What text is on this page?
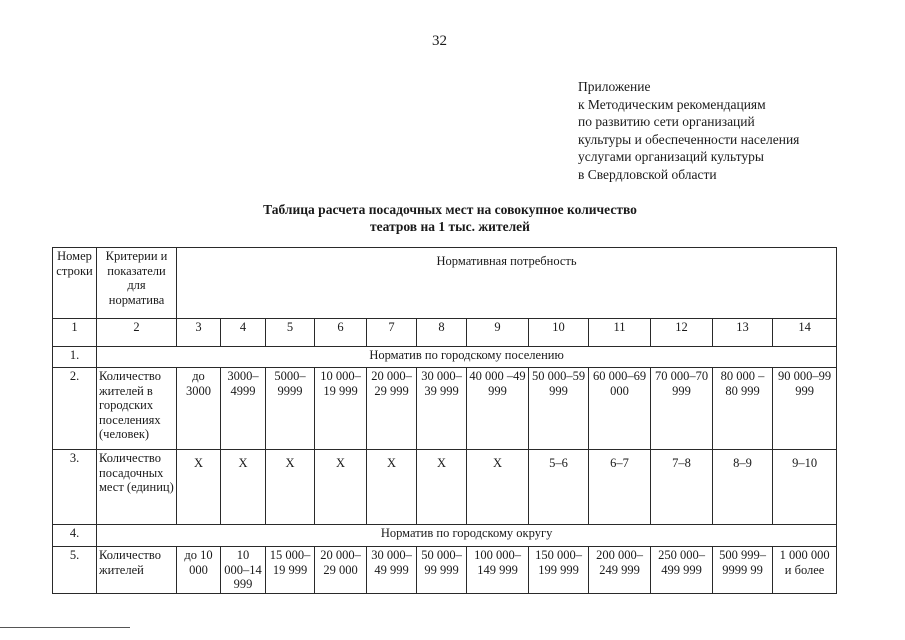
32
Приложение
к Методическим рекомендациям
по развитию сети организаций
культуры и обеспеченности населения
услугами организаций культуры
в Свердловской области
Таблица расчета посадочных мест на совокупное количество
театров на 1 тыс. жителей
Номер строки	Критерии и показатели для норматива	Нормативная потребность											
1	2	3	4	5	6	7	8	9	10	11	12	13	14
1.	Норматив по городскому поселению												
2.	Количество жителей в городских поселениях (человек)	до 3000	3000–4999	5000–9999	10 000–19 999	20 000–29 999	30 000–39 999	40 000 –49 999	50 000–59 999	60 000–69 000	70 000–70 999	80 000 –80 999	90 000–99 999
3.	Количество посадочных мест (единиц)	Х	Х	Х	Х	Х	Х	Х	5–6	6–7	7–8	8–9	9–10
4.	Норматив по городскому округу												
5.	Количество жителей	до 10 000	10 000–14 999	15 000–19 999	20 000–29 000	30 000–49 999	50 000–99 999	100 000–149 999	150 000–199 999	200 000–249 999	250 000–499 999	500 999–9999 99	1 000 000 и более
